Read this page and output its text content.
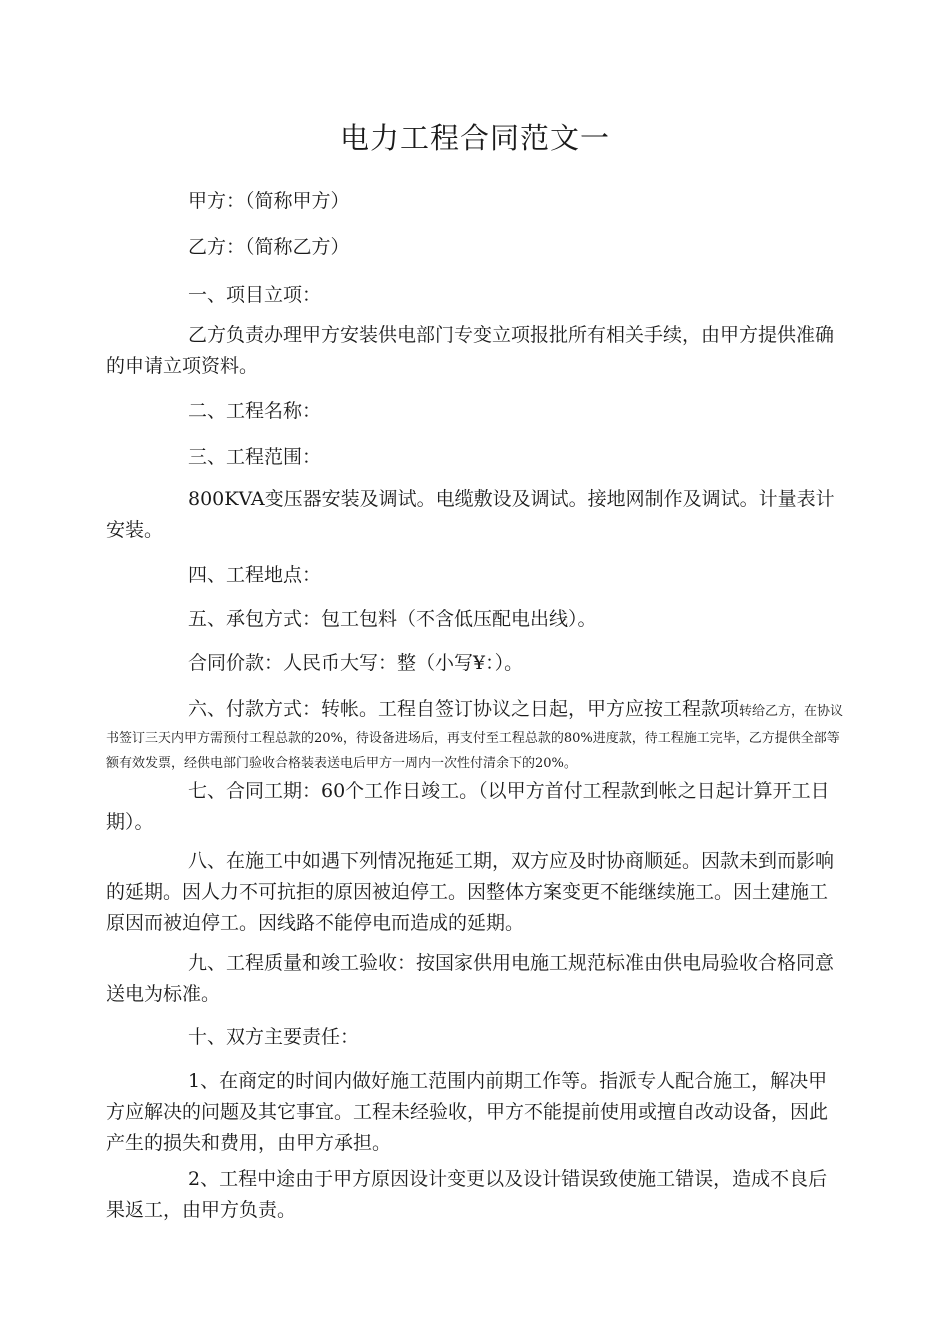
电力工程合同范文一

甲方：（简称甲方）

乙方：（简称乙方）

一、项目立项：

乙方负责办理甲方安装供电部门专变立项报批所有相关手续，由甲方提供准确的申请立项资料。

二、工程名称：

三、工程范围：

800KVA变压器安装及调试。电缆敷设及调试。接地网制作及调试。计量表计安装。

四、工程地点：

五、承包方式：包工包料（不含低压配电出线）。

合同价款：人民币大写：整（小写¥：）。

六、付款方式：转帐。工程自签订协议之日起，甲方应按工程款项转给乙方，在协议书签订三天内甲方需预付工程总款的20%，待设备进场后，再支付至工程总款的80%进度款，待工程施工完毕，乙方提供全部等额有效发票，经供电部门验收合格装表送电后甲方一周内一次性付清余下的20%。

七、合同工期：60个工作日竣工。（以甲方首付工程款到帐之日起计算开工日期）。

八、在施工中如遇下列情况拖延工期，双方应及时协商顺延。因款未到而影响的延期。因人力不可抗拒的原因被迫停工。因整体方案变更不能继续施工。因土建施工原因而被迫停工。因线路不能停电而造成的延期。

九、工程质量和竣工验收：按国家供用电施工规范标准由供电局验收合格同意送电为标准。

十、双方主要责任：

1、在商定的时间内做好施工范围内前期工作等。指派专人配合施工，解决甲方应解决的问题及其它事宜。工程未经验收，甲方不能提前使用或擅自改动设备，因此产生的损失和费用，由甲方承担。

2、工程中途由于甲方原因设计变更以及设计错误致使施工错误，造成不良后果返工，由甲方负责。
